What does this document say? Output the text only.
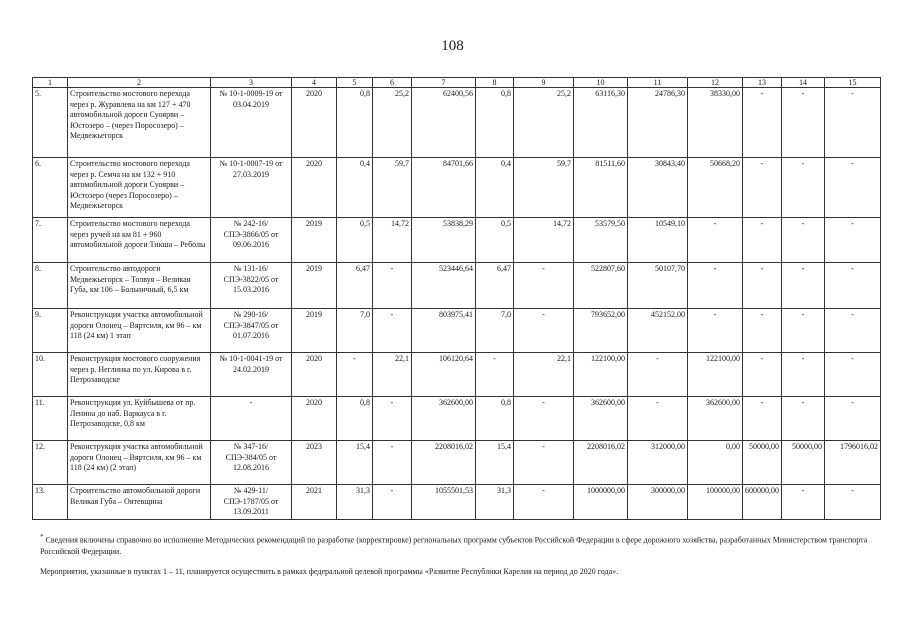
108
1	2	3	4	5	6	7	8	9	10	11	12	13	14	15
5.	Строительство мостового перехода через р. Журавлева на км 127 + 470 автомобильной дороги Суоярви – Юстозеро – (через Поросозеро) – Медвежьегорск	№ 10-1-0009-19 от 03.04.2019	2020	0,8	25,2	62400,56	0,8	25,2	63116,30	24786,30	38330,00	-	-	-
6.	Строительство мостового перехода через р. Семча на км 132 + 910 автомобильной дороги Суоярви – Юстозеро (через Поросозеро) – Медвежьегорск	№ 10-1-0007-19 от 27.03.2019	2020	0,4	59,7	84701,66	0,4	59,7	81511,60	30843,40	50668,20	-	-	-
7.	Строительство мостового перехода через ручей на км 81 + 960 автомобильной дороги Тикша – Реболы	№ 242-16/ СПЭ-3866/05 от 09.06.2016	2019	0,5	14,72	53838,29	0,5	14,72	53579,50	10549,10	-	-	-	-
8.	Строительство автодороги Медвежьегорск – Толвуя – Великая Губа, км 106 – Больничный, 6,5 км	№ 131-16/ СПЭ-3822/05 от 15.03.2016	2019	6,47	-	523446,64	6,47	-	522807,60	50107,70	-	-	-	-
9.	Реконструкция участка автомобильной дороги Олонец – Вяртсиля, км 96 – км 118 (24 км) 1 этап	№ 290-16/ СПЭ-3847/05 от 01.07.2016	2019	7,0	-	803975,41	7,0	-	793652,00	452152,00	-	-	-	-
10.	Реконструкция мостового сооружения через р. Неглинка по ул. Кирова в г. Петрозаводске	№ 10-1-0041-19 от 24.02.2019	2020	-	22,1	106120,64	-	22,1	122100,00	-	122100,00	-	-	-
11.	Реконструкция ул. Куйбышева от пр. Ленина до наб. Варкауса в г. Петрозаводске, 0,8 км	-	2020	0,8	-	362600,00	0,8	-	362600,00	-	362600,00	-	-	-
12.	Реконструкция участка автомобильной дороги Олонец – Вяртсиля, км 96 – км 118 (24 км) (2 этап)	№ 347-16/ СПЭ-384/05 от 12.08.2016	2023	15,4	-	2208016,02	15,4	-	2208016,02	312000,00	0,00	50000,00	50000,00	1796016,02
13.	Строительство автомобильной дороги Великая Губа – Оятевщина	№ 429-11/ СПЭ-1787/05 от 13.09.2011	2021	31,3	-	1055501,53	31,3	-	1000000,00	300000,00	100000,00	600000,00	-	-
* Сведения включены справочно во исполнение Методических рекомендаций по разработке (корректировке) региональных программ субъектов Российской Федерации в сфере дорожного хозяйства, разработанных Министерством транспорта Российской Федерации.
Мероприятия, указанные в пунктах 1 – 11, планируется осуществить в рамках федеральной целевой программы «Развитие Республики Карелия на период до 2020 года».
